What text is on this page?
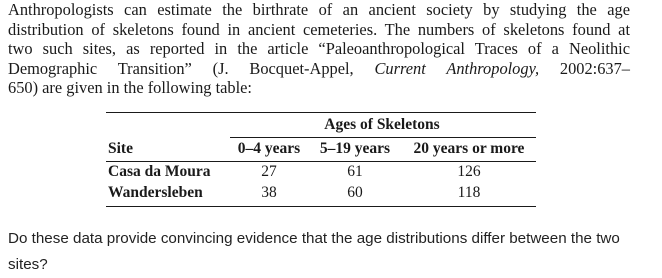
Anthropologists can estimate the birthrate of an ancient society by studying the age
distribution of skeletons found in ancient cemeteries. The numbers of skeletons found at
two such sites, as reported in the article “Paleoanthropological Traces of a Neolithic
Demographic Transition” (J. Bocquet-Appel, Current Anthropology, 2002:637–
650) are given in the following table:
Ages of Skeletons
Site	0–4 years	5–19 years	20 years or more
Casa da Moura	27	61	126
Wandersleben	38	60	118
Do these data provide convincing evidence that the age distributions differ between the two
sites?
